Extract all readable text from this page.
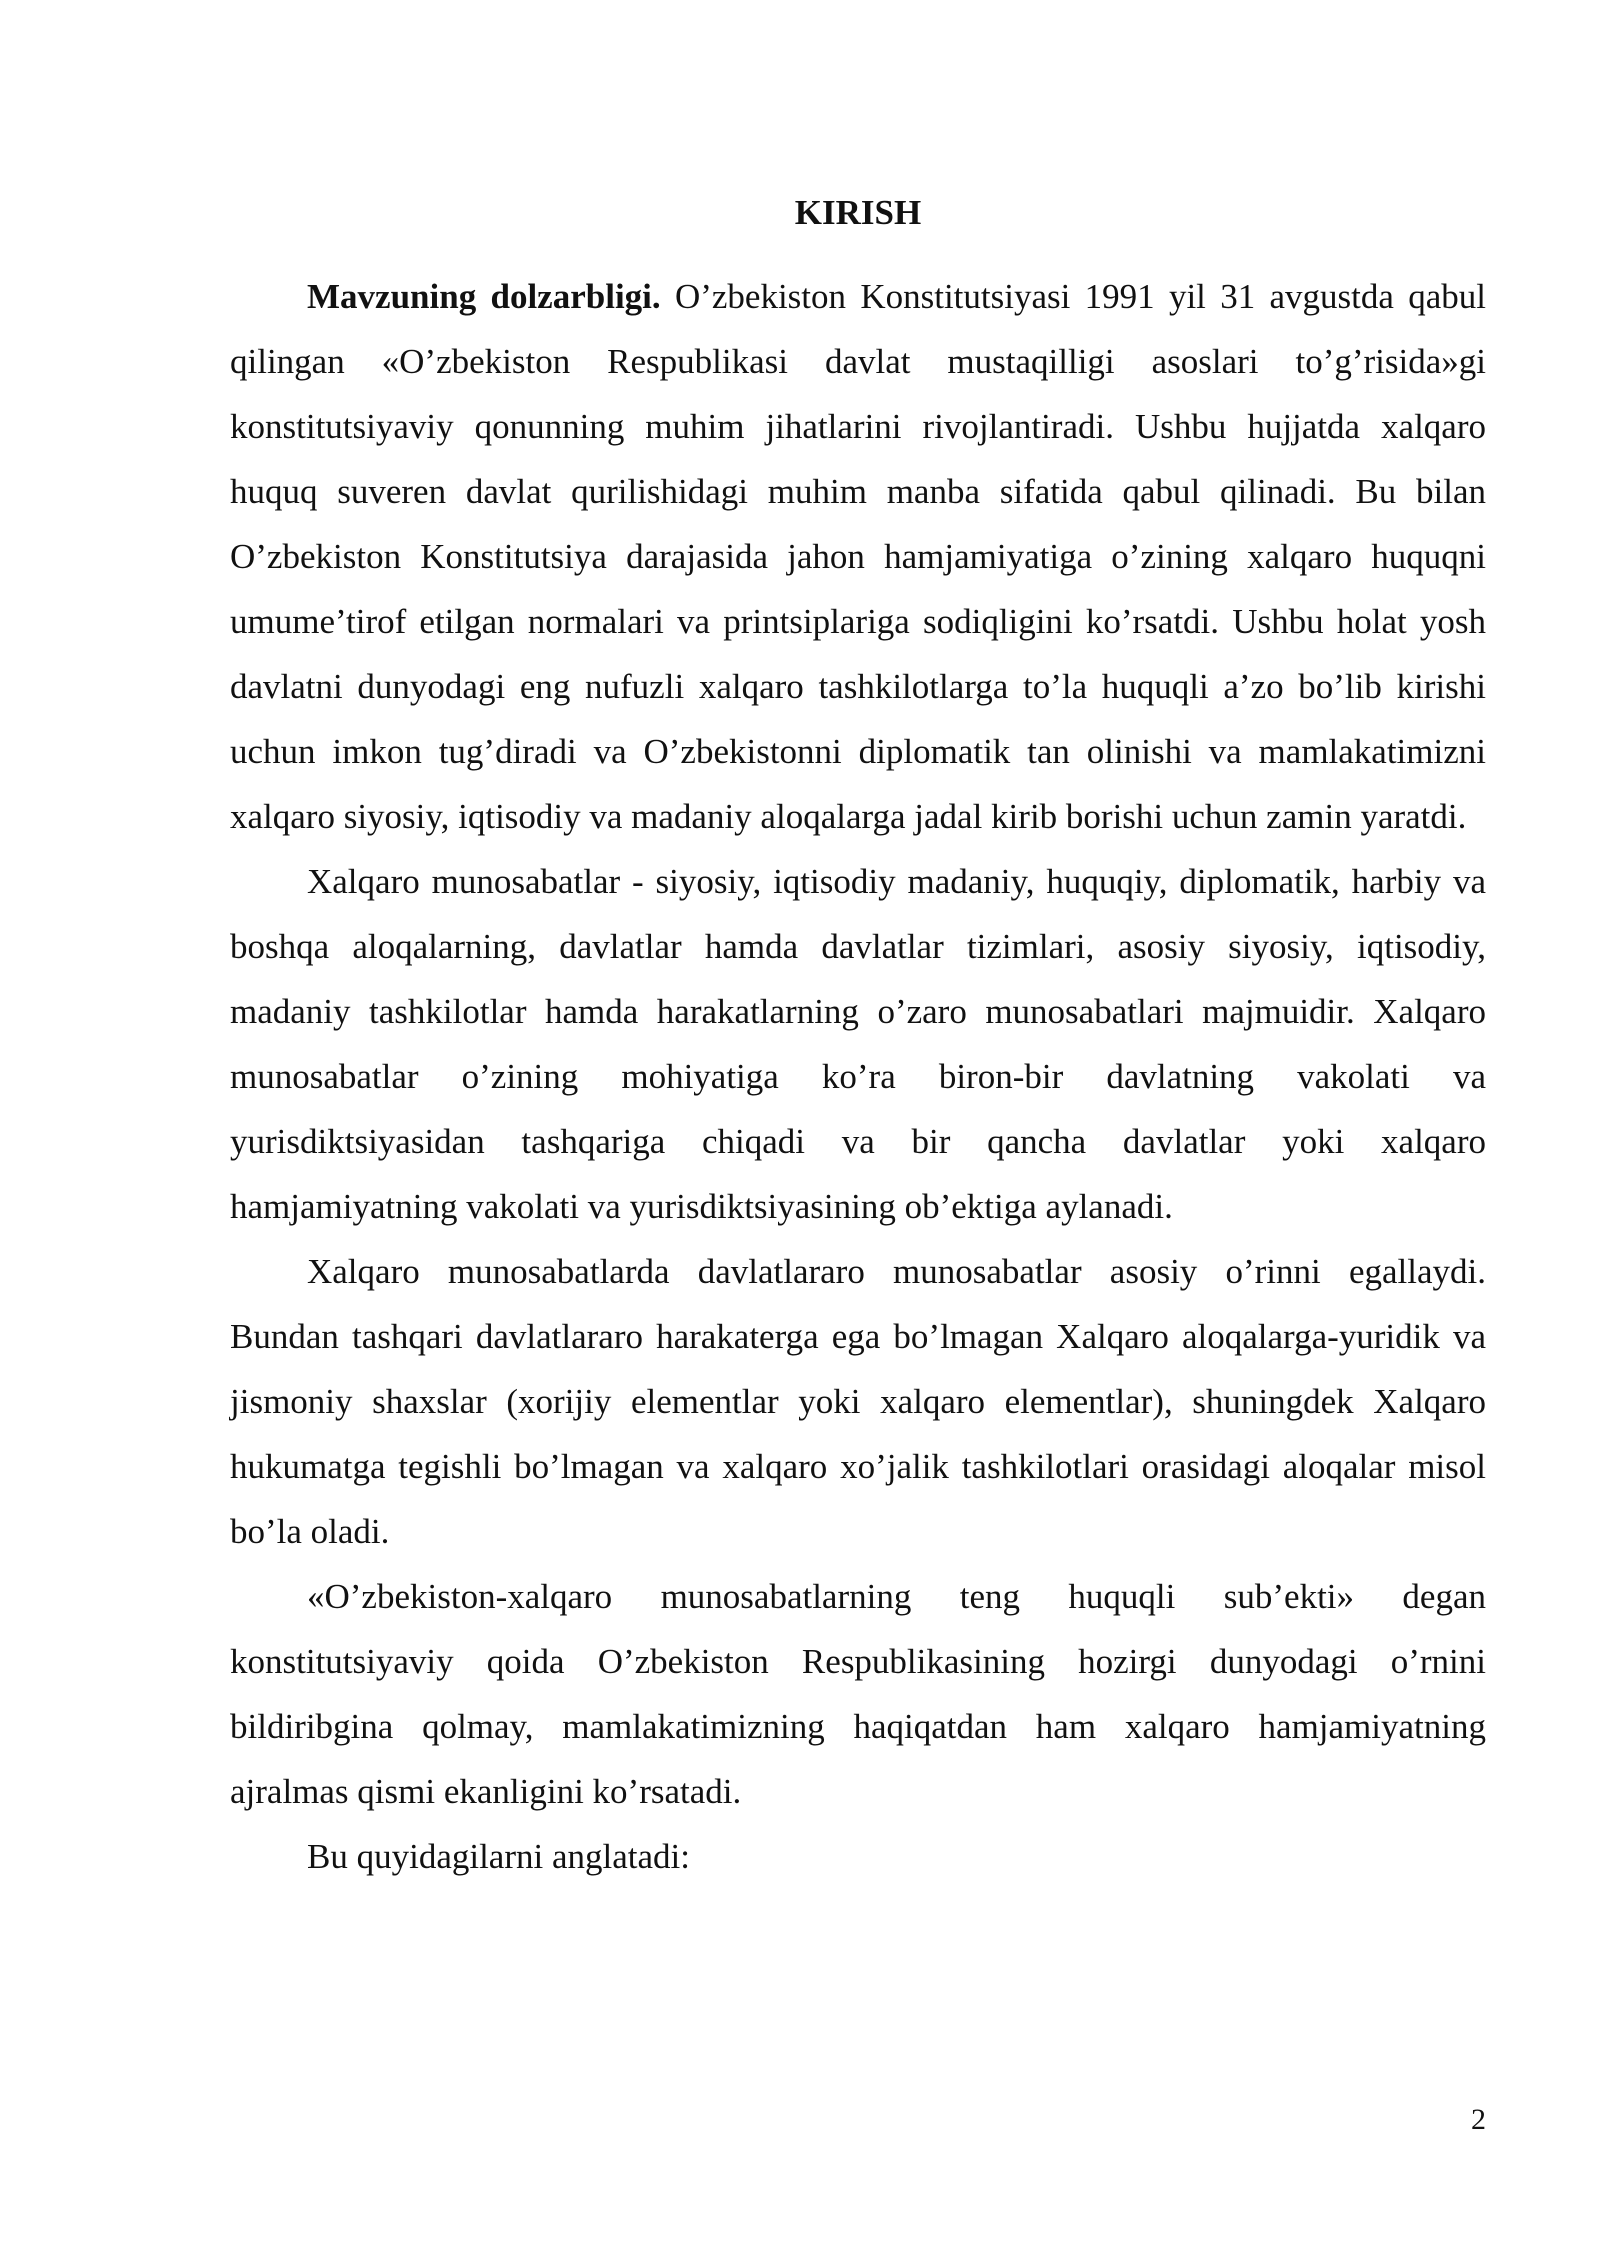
KIRISH

Mavzuning dolzarbligi. O’zbekiston Konstitutsiyasi 1991 yil 31 avgustda qabul qilingan «O’zbekiston Respublikasi davlat mustaqilligi asoslari to’g’risida»gi konstitutsiyaviy qonunning muhim jihatlarini rivojlantiradi. Ushbu hujjatda xalqaro huquq suveren davlat qurilishidagi muhim manba sifatida qabul qilinadi. Bu bilan O’zbekiston Konstitutsiya darajasida jahon hamjamiyatiga o’zining xalqaro huquqni umume’tirof etilgan normalari va printsiplariga sodiqligini ko’rsatdi. Ushbu holat yosh davlatni dunyodagi eng nufuzli xalqaro tashkilotlarga to’la huquqli a’zo bo’lib kirishi uchun imkon tug’diradi va O’zbekistonni diplomatik tan olinishi va mamlakatimizni xalqaro siyosiy, iqtisodiy va madaniy aloqalarga jadal kirib borishi uchun zamin yaratdi.

Xalqaro munosabatlar - siyosiy, iqtisodiy madaniy, huquqiy, diplomatik, harbiy va boshqa aloqalarning, davlatlar hamda davlatlar tizimlari, asosiy siyosiy, iqtisodiy, madaniy tashkilotlar hamda harakatlarning o’zaro munosabatlari majmuidir. Xalqaro munosabatlar o’zining mohiyatiga ko’ra biron-bir davlatning vakolati va yurisdiktsiyasidan tashqariga chiqadi va bir qancha davlatlar yoki xalqaro hamjamiyatning vakolati va yurisdiktsiyasining ob’ektiga aylanadi.

Xalqaro munosabatlarda davlatlararo munosabatlar asosiy o’rinni egallaydi. Bundan tashqari davlatlararo harakaterga ega bo’lmagan Xalqaro aloqalarga-yuridik va jismoniy shaxslar (xorijiy elementlar yoki xalqaro elementlar), shuningdek Xalqaro hukumatga tegishli bo’lmagan va xalqaro xo’jalik tashkilotlari orasidagi aloqalar misol bo’la oladi.

«O’zbekiston-xalqaro munosabatlarning teng huquqli sub’ekti» degan konstitutsiyaviy qoida O’zbekiston Respublikasining hozirgi dunyodagi o’rnini bildiribgina qolmay, mamlakatimizning haqiqatdan ham xalqaro hamjamiyatning ajralmas qismi ekanligini ko’rsatadi.

Bu quyidagilarni anglatadi:

2
